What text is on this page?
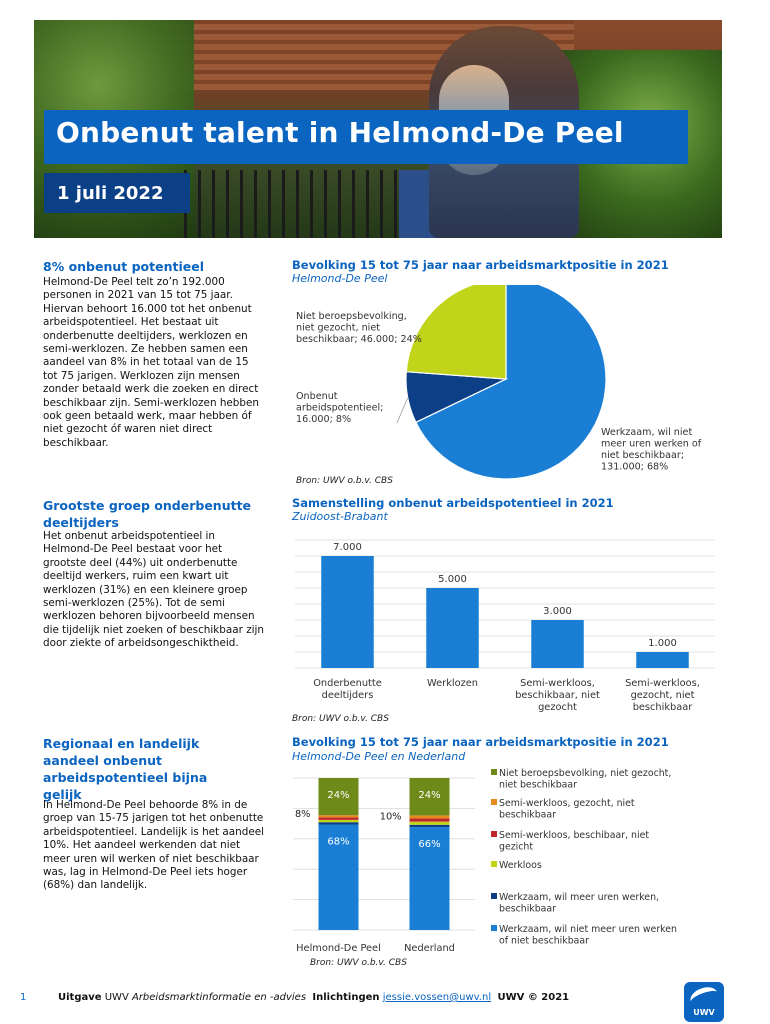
Onbenut talent in Helmond-De Peel
1 juli 2022
8% onbenut potentieel
Helmond-De Peel telt zo’n 192.000 personen in 2021 van 15 tot 75 jaar. Hiervan behoort 16.000 tot het onbenut arbeidspotentieel. Het bestaat uit onderbenutte deeltijders, werklozen en semi-werklozen. Ze hebben samen een aandeel van 8% in het totaal van de 15 tot 75 jarigen. Werklozen zijn mensen zonder betaald werk die zoeken en direct beschikbaar zijn. Semi-werklozen hebben ook geen betaald werk, maar hebben óf niet gezocht óf waren niet direct beschikbaar.
Grootste groep onderbenutte deeltijders
Het onbenut arbeidspotentieel in Helmond-De Peel bestaat voor het grootste deel (44%) uit onderbenutte deeltijd werkers, ruim een kwart uit werklozen (31%) en een kleinere groep semi-werklozen (25%). Tot de semi werklozen behoren bijvoorbeeld mensen die tijdelijk niet zoeken of beschikbaar zijn door ziekte of arbeidsongeschiktheid.
Regionaal en landelijk aandeel onbenut arbeidspotentieel bijna gelijk
In Helmond-De Peel behoorde 8% in de groep van 15-75 jarigen tot het onbenutte arbeidspotentieel. Landelijk is het aandeel 10%. Het aandeel werkenden dat niet meer uren wil werken of niet beschikbaar was, lag in Helmond-De Peel iets hoger (68%) dan landelijk.
Bevolking 15 tot 75 jaar naar arbeidsmarktpositie in 2021
Helmond-De Peel
Werkzaam, wil niet
meer uren werken of
niet beschikbaar;
131.000; 68%
Onbenut
arbeidspotentieel;
16.000; 8%
Niet beroepsbevolking,
niet gezocht, niet
beschikbaar; 46.000; 24%
Bron: UWV o.b.v. CBS
Samenstelling onbenut arbeidspotentieel in 2021
Zuidoost-Brabant
7.000
Onderbenutte
deeltijders
5.000
Werklozen
3.000
Semi-werkloos,
beschikbaar, niet
gezocht
1.000
Semi-werkloos,
gezocht, niet
beschikbaar
Bron: UWV o.b.v. CBS
Bevolking 15 tot 75 jaar naar arbeidsmarktpositie in 2021
Helmond-De Peel en Nederland
68%
24%
Helmond-De Peel
8%
66%
24%
Nederland
10%
Niet beroepsbevolking, niet gezocht,
niet beschikbaar
Semi-werkloos, gezocht, niet
beschikbaar
Semi-werkloos, beschibaar, niet
gezicht
Werkloos
Werkzaam, wil meer uren werken,
beschikbaar
Werkzaam, wil niet meer uren werken
of niet beschikbaar
Bron: UWV o.b.v. CBS
1	Uitgave UWV Arbeidsmarktinformatie en -advies Inlichtingen jessie.vossen@uwv.nl UWV © 2021
UWV
